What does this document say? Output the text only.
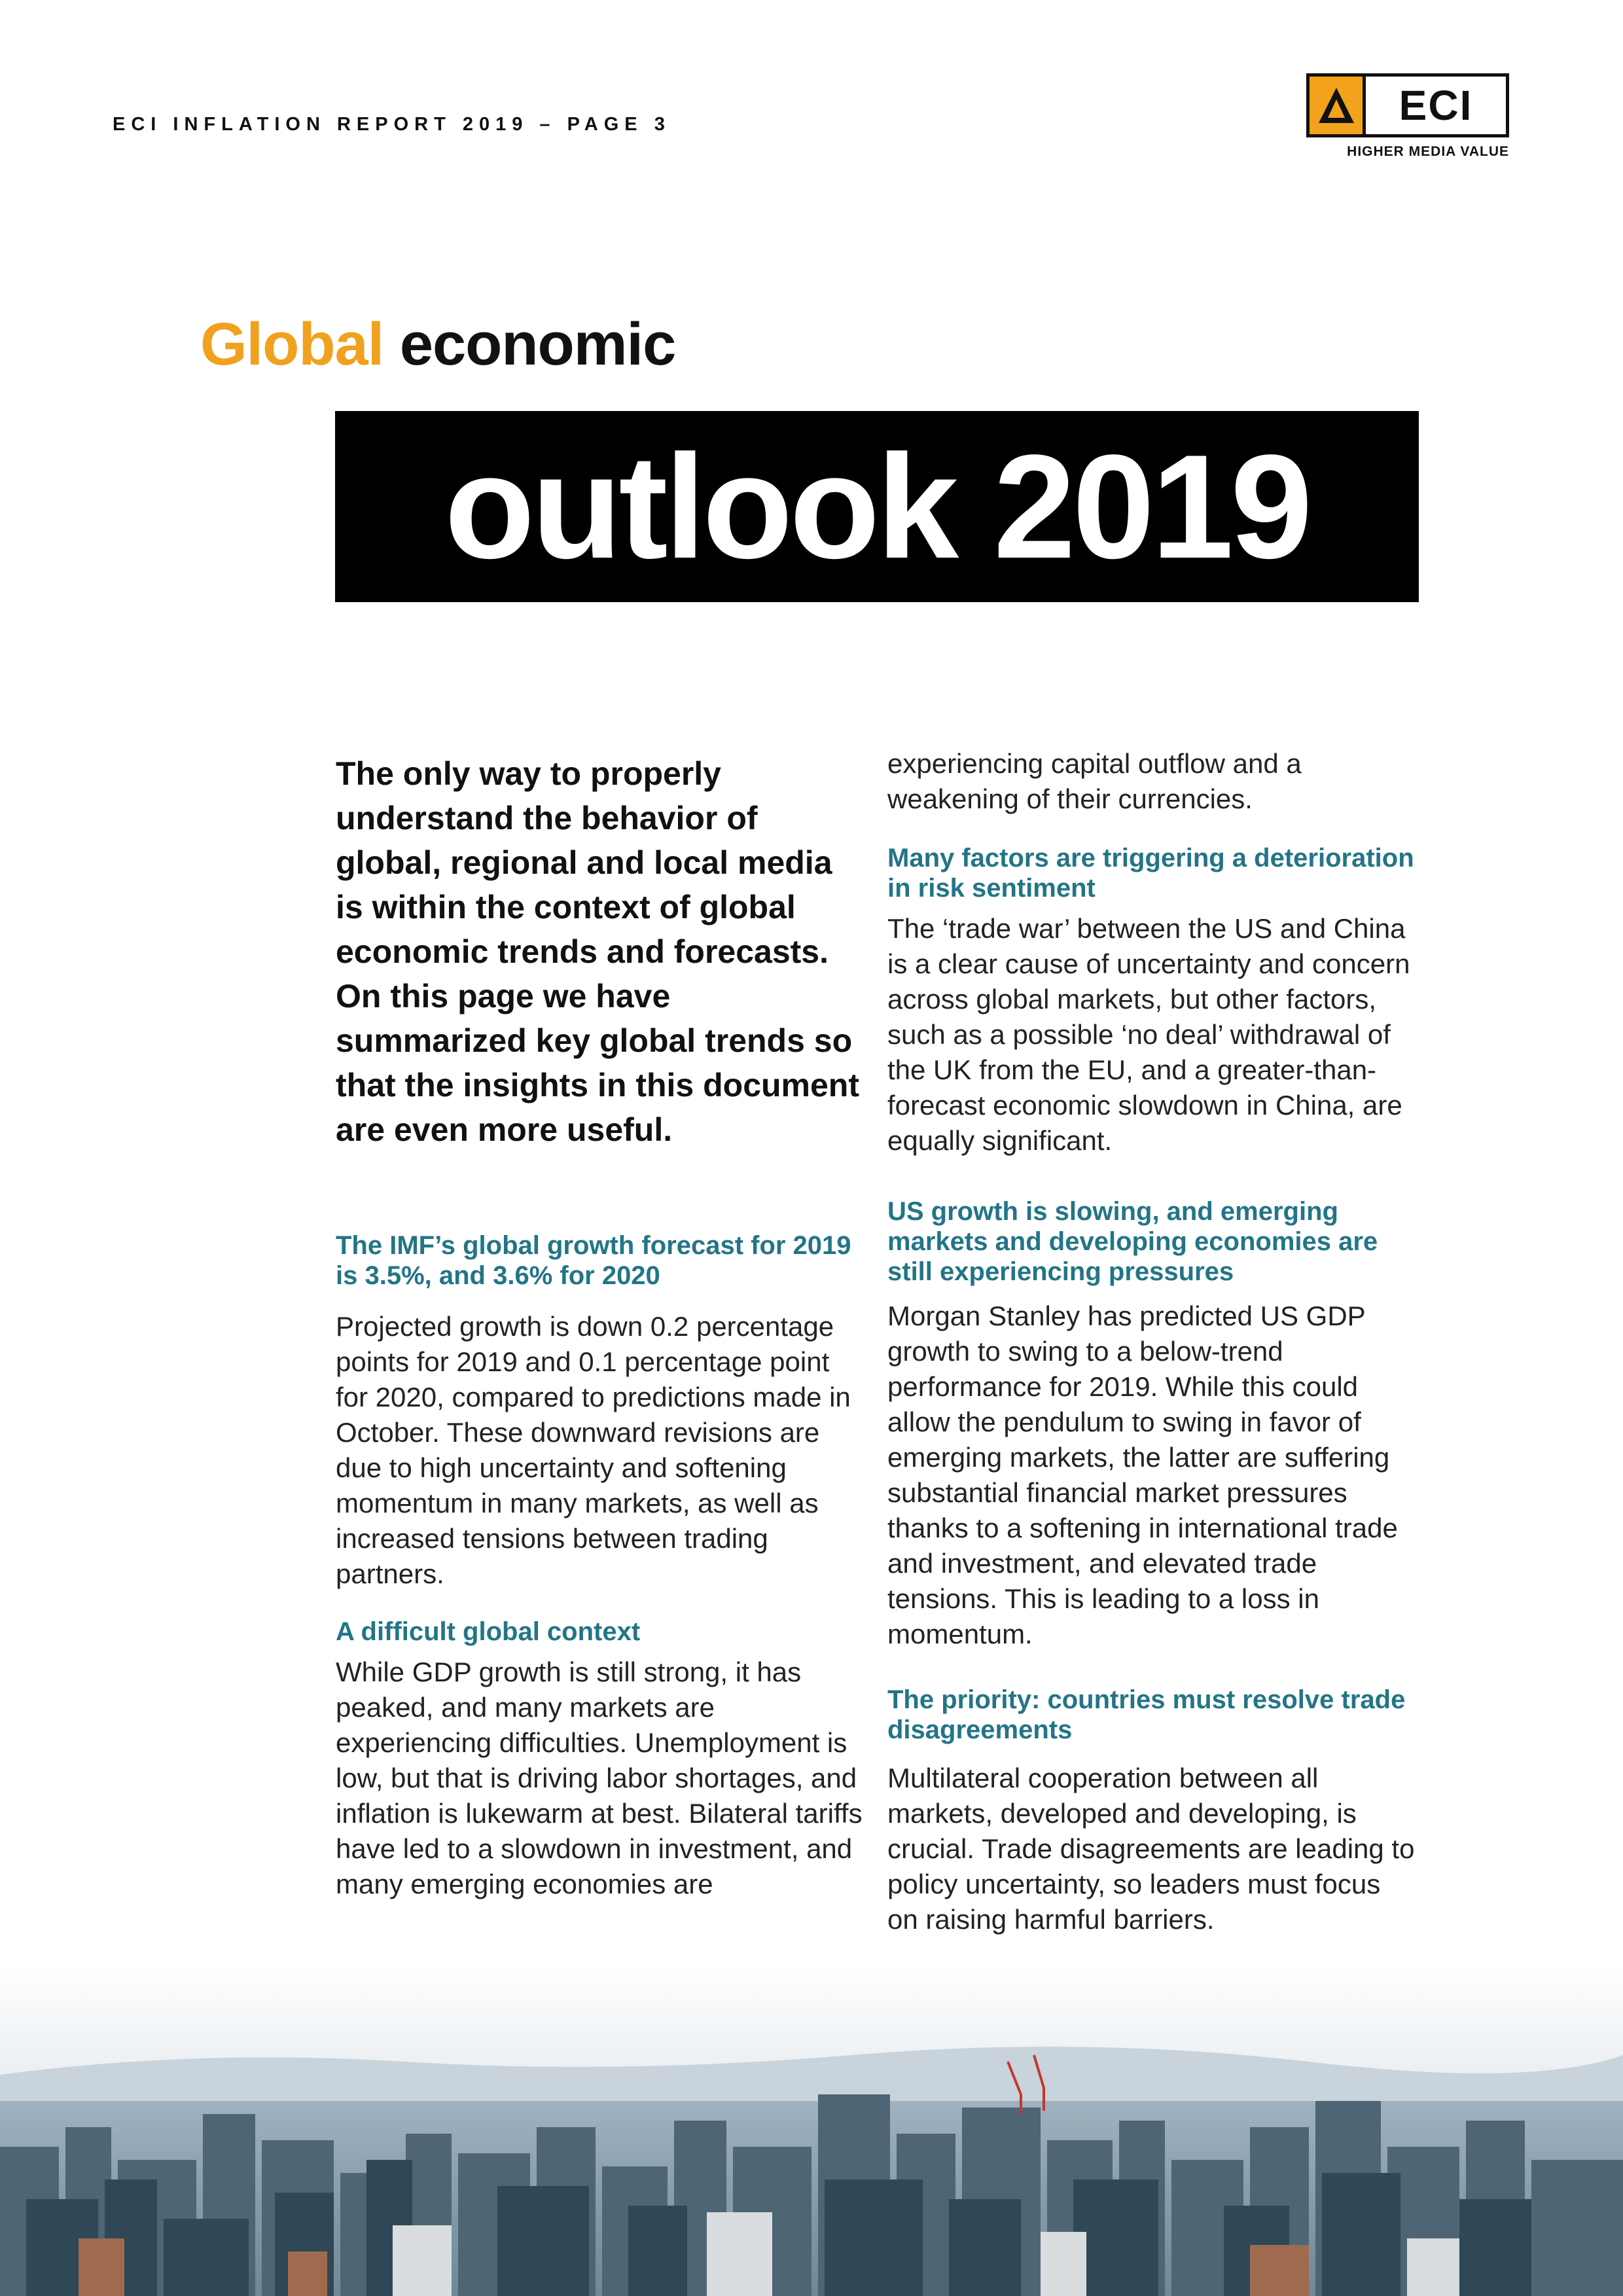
ECI INFLATION REPORT 2019 – PAGE 3	ECI
HIGHER MEDIA VALUE
Global economic
outlook 2019

The only way to properly understand the behavior of global, regional and local media is within the context of global economic trends and forecasts. On this page we have summarized key global trends so that the insights in this document are even more useful.

The IMF’s global growth forecast for 2019 is 3.5%, and 3.6% for 2020

Projected growth is down 0.2 percentage points for 2019 and 0.1 percentage point for 2020, compared to predictions made in October. These downward revisions are due to high uncertainty and softening momentum in many markets, as well as increased tensions between trading partners.

A difficult global context

While GDP growth is still strong, it has peaked, and many markets are experiencing difficulties. Unemployment is low, but that is driving labor shortages, and inflation is lukewarm at best. Bilateral tariffs have led to a slowdown in investment, and many emerging economies are

experiencing capital outflow and a weakening of their currencies.

Many factors are triggering a deterioration in risk sentiment

The ‘trade war’ between the US and China is a clear cause of uncertainty and concern across global markets, but other factors, such as a possible ‘no deal’ withdrawal of the UK from the EU, and a greater-than-forecast economic slowdown in China, are equally significant.

US growth is slowing, and emerging markets and developing economies are still experiencing pressures

Morgan Stanley has predicted US GDP growth to swing to a below-trend performance for 2019. While this could allow the pendulum to swing in favor of emerging markets, the latter are suffering substantial financial market pressures thanks to a softening in international trade and investment, and elevated trade tensions. This is leading to a loss in momentum.

The priority: countries must resolve trade disagreements

Multilateral cooperation between all markets, developed and developing, is crucial. Trade disagreements are leading to policy uncertainty, so leaders must focus on raising harmful barriers.
